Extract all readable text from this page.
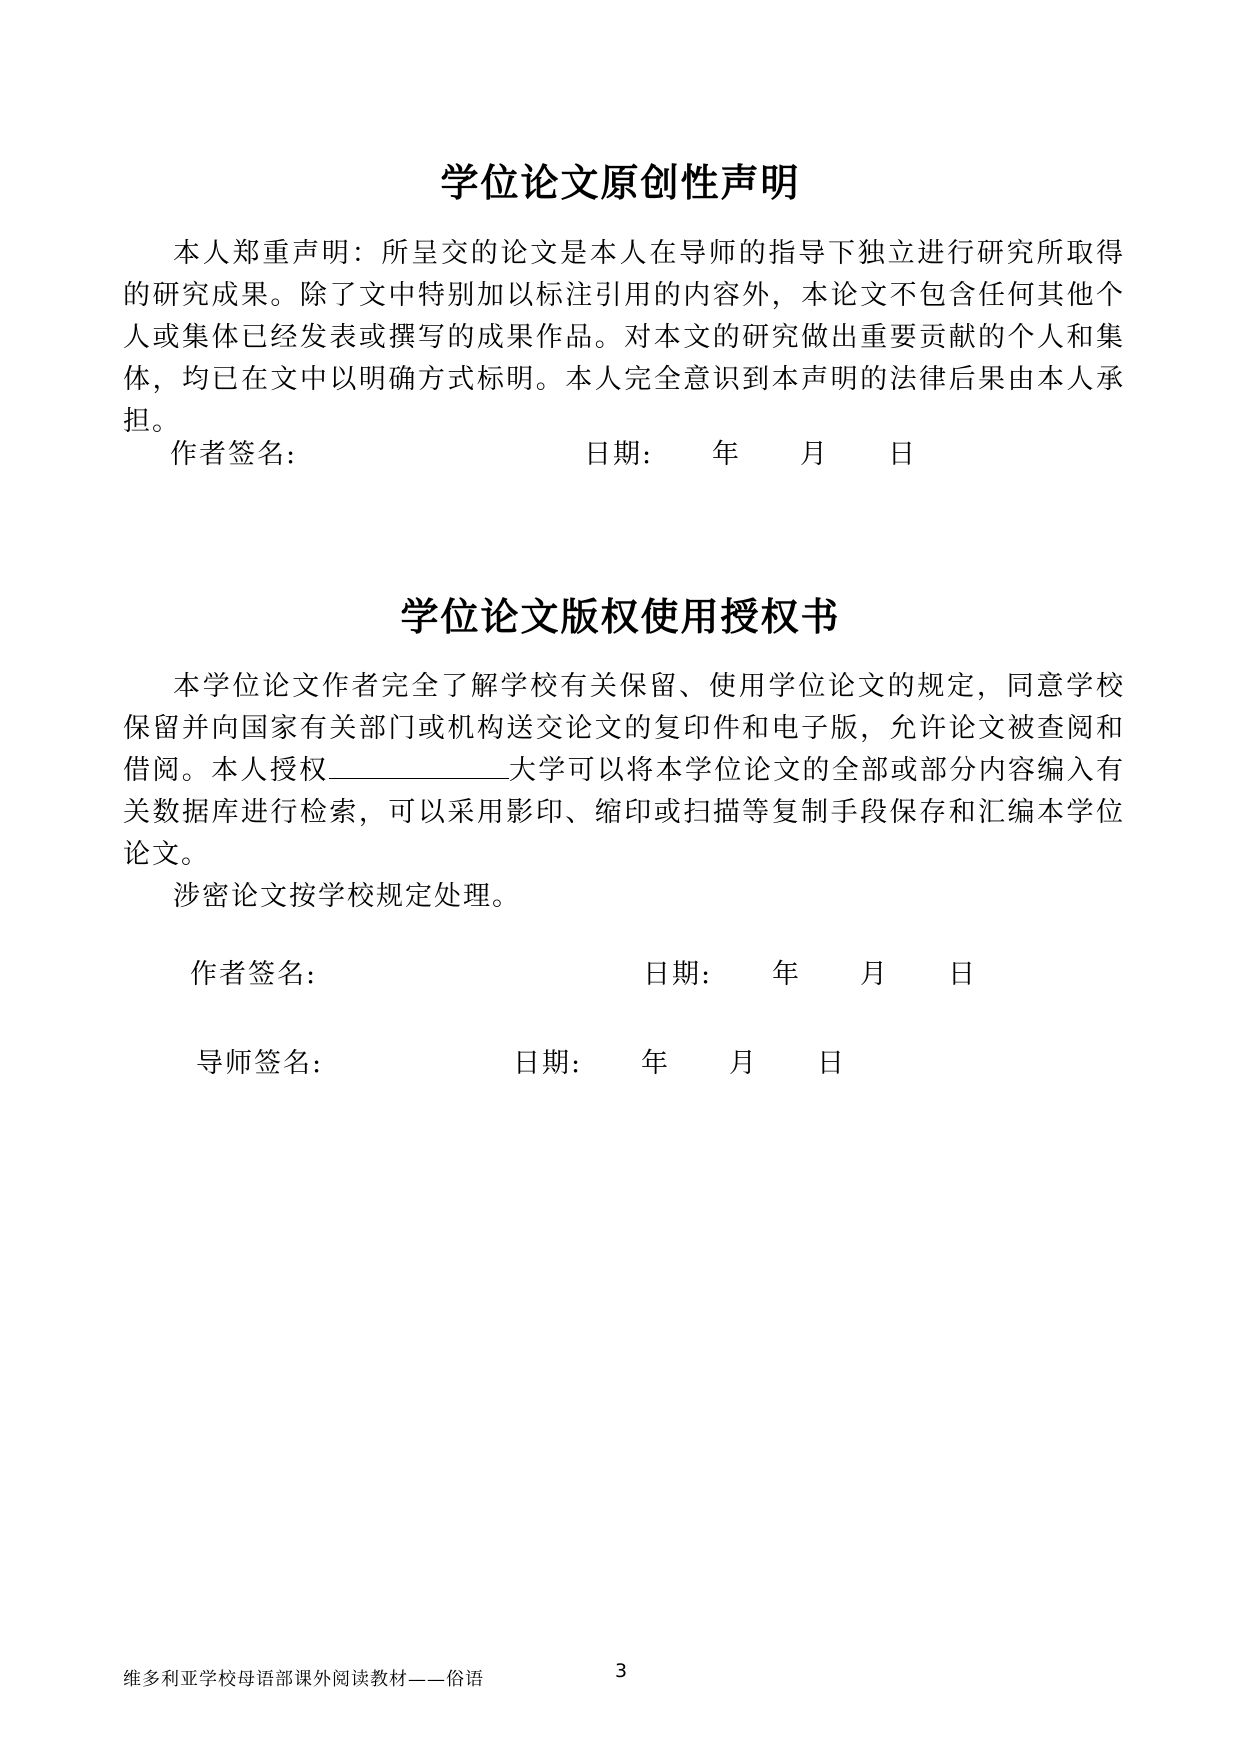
学位论文原创性声明

本人郑重声明：所呈交的论文是本人在导师的指导下独立进行研究所取得的研究成果。除了文中特别加以标注引用的内容外，本论文不包含任何其他个人或集体已经发表或撰写的成果作品。对本文的研究做出重要贡献的个人和集体，均已在文中以明确方式标明。本人完全意识到本声明的法律后果由本人承担。

作者签名:	日期: 年 月 日
学位论文版权使用授权书

本学位论文作者完全了解学校有关保留、使用学位论文的规定，同意学校保留并向国家有关部门或机构送交论文的复印件和电子版，允许论文被查阅和借阅。本人授权	大学可以将本学位论文的全部或部分内容编入有关数据库进行检索，可以采用影印、缩印或扫描等复制手段保存和汇编本学位论文。

涉密论文按学校规定处理。

作者签名:	日期: 年 月 日
导师签名:	日期: 年 月 日
维多利亚学校母语部课外阅读教材——俗语	3
